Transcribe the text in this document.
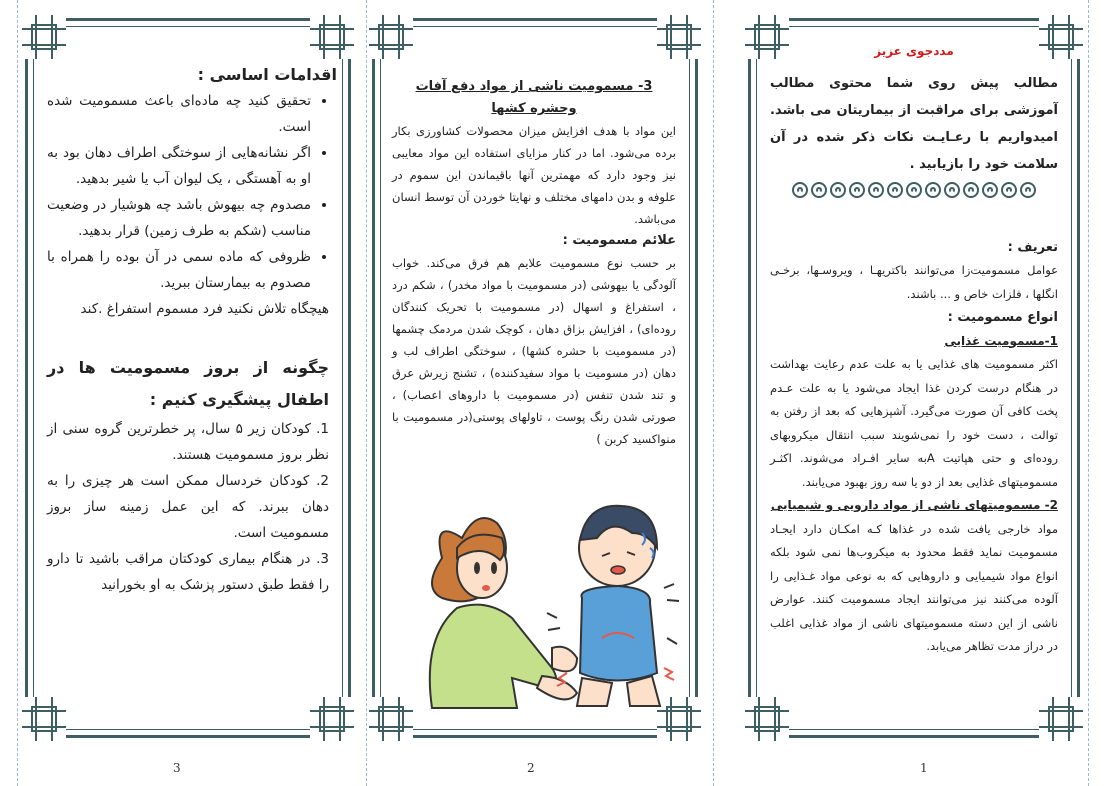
اقدامات اساسی :

• تحقیق کنید چه ماده‌ای باعث مسمومیت شده است.
• اگر نشانه‌هایی از سوختگی اطراف دهان بود به او به آهستگی ، یک لیوان آب یا شیر بدهید.
• مصدوم چه بیهوش باشد چه هوشیار در وضعیت مناسب (شکم به طرف زمین) قرار بدهید.
• ظروفی که ماده سمی در آن بوده را همراه با مصدوم به بیمارستان ببرید.

هیچگاه تلاش نکنید فرد مسموم استفراغ .کند

چگونه از بروز مسمومیت ها در اطفال پیشگیری کنیم :

1. کودکان زیر ۵ سال، پر خطرترین گروه سنی از نظر بروز مسمومیت هستند.

2. کودکان خردسال ممکن است هر چیزی را به دهان ببرند. که این عمل زمینه ساز بروز مسمومیت است.

3. در هنگام بیماری کودکتان مراقب باشید تا دارو را فقط طبق دستور پزشک به او بخورانید

3

3- مسمومیت ناشی از مواد دفع آفات وحشره کشها

این مواد با هدف افزایش میزان محصولات کشاورزی بکار برده می‌شود. اما در کنار مزایای استفاده این مواد معایبی نیز وجود دارد که مهمترین آنها باقیماندن این سموم در علوفه و بدن دامهای مختلف و نهایتا خوردن آن توسط انسان می‌باشد.

علائم مسمومیت :

بر حسب نوع مسمومیت علایم هم فرق می‌کند. خواب آلودگی یا بیهوشی (در مسمومیت با مواد مخدر) ، شکم درد ، استفراغ و اسهال (در مسمومیت با تحریک کنندگان روده‌ای) ، افزایش بزاق دهان ، کوچک شدن مردمک چشمها (در مسمومیت با حشره کشها) ، سوختگی اطراف لب و دهان (در مسومیت با مواد سفیدکننده) ، تشنج زیرش عرق و تند شدن تنفس (در مسمومیت با داروهای اعصاب) ، صورتی شدن رنگ پوست ، تاولهای پوستی(در مسمومیت با منواکسید کربن )

2

مددجوی عزیز

مطالب پیش روی شما محتوی مطالب آموزشی برای مراقبت از بیماریتان می باشد. امیدواریم با رعـایـت نکات ذکر شده در آن سلامت خود را بازیابید .

تعریف :

عوامل مسمومیت‌زا می‌توانند باکتریهـا ، ویروسـها، برخـی انگلها ، فلزات خاص و ... باشند.

انواع مسمومیت :

1-مسمومیت غذایی

اکثر مسمومیت های غذایی یا به علت عدم رعایت بهداشت در هنگام درست کردن غذا ایجاد می‌شود یا به علت عـدم پخت کافی آن صورت می‌گیرد. آشپزهایی که بعد از رفتن به توالت ، دست خود را نمی‌شویند سبب انتقال میکروبهای روده‌ای و حتی هپاتیت Aبه سایر افـراد می‌شوند. اکثـر مسمومیتهای غذایی بعد از دو یا سه روز بهبود می‌یابند.

2- مسمومیتهای ناشی از مواد دارویی و شیمیایی

مواد خارجی یافت شده در غذاها کـه امکـان دارد ایجـاد مسمومیت نماید فقط محدود به میکروب‌ها نمی شود بلکه انواع مواد شیمیایی و داروهایی که به نوعی مواد غـذایی را آلوده می‌کنند نیز می‌توانند ایجاد مسمومیت کنند. عوارض ناشی از این دسته مسمومیتهای ناشی از مواد غذایی اغلب در دراز مدت تظاهر می‌یابد.

1
